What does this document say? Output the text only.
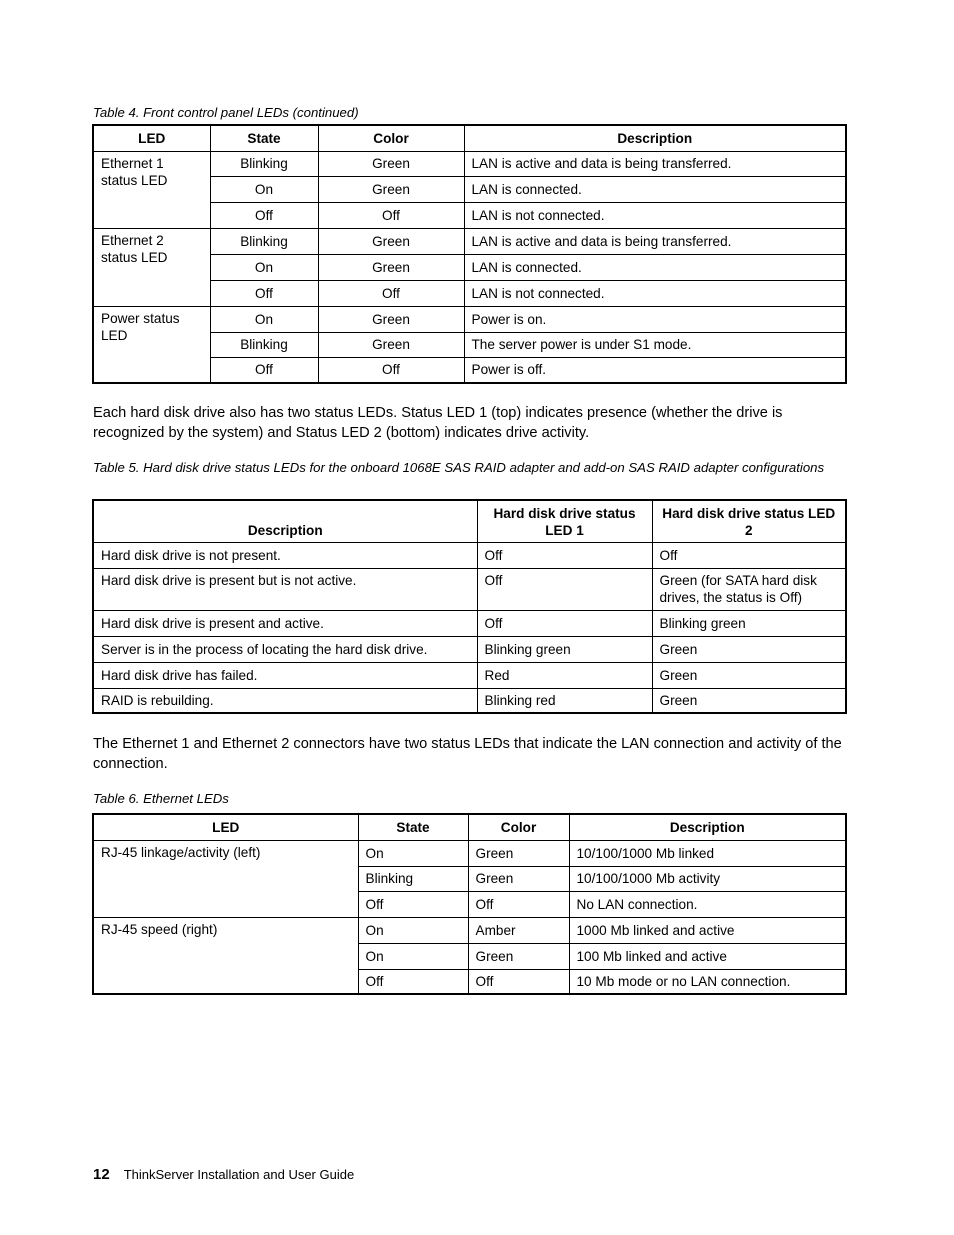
Table 4. Front control panel LEDs (continued)
LED	State	Color	Description
Ethernet 1 status LED	Blinking	Green	LAN is active and data is being transferred.
	On	Green	LAN is connected.
	Off	Off	LAN is not connected.
Ethernet 2 status LED	Blinking	Green	LAN is active and data is being transferred.
	On	Green	LAN is connected.
	Off	Off	LAN is not connected.
Power status LED	On	Green	Power is on.
	Blinking	Green	The server power is under S1 mode.
	Off	Off	Power is off.
Each hard disk drive also has two status LEDs. Status LED 1 (top) indicates presence (whether the drive is recognized by the system) and Status LED 2 (bottom) indicates drive activity.
Table 5. Hard disk drive status LEDs for the onboard 1068E SAS RAID adapter and add-on SAS RAID adapter configurations
Description	Hard disk drive status LED 1	Hard disk drive status LED 2
Hard disk drive is not present.	Off	Off
Hard disk drive is present but is not active.	Off	Green (for SATA hard disk drives, the status is Off)
Hard disk drive is present and active.	Off	Blinking green
Server is in the process of locating the hard disk drive.	Blinking green	Green
Hard disk drive has failed.	Red	Green
RAID is rebuilding.	Blinking red	Green
The Ethernet 1 and Ethernet 2 connectors have two status LEDs that indicate the LAN connection and activity of the connection.
Table 6. Ethernet LEDs
LED	State	Color	Description
RJ-45 linkage/activity (left)	On	Green	10/100/1000 Mb linked
	Blinking	Green	10/100/1000 Mb activity
	Off	Off	No LAN connection.
RJ-45 speed (right)	On	Amber	1000 Mb linked and active
	On	Green	100 Mb linked and active
	Off	Off	10 Mb mode or no LAN connection.
12 ThinkServer Installation and User Guide
